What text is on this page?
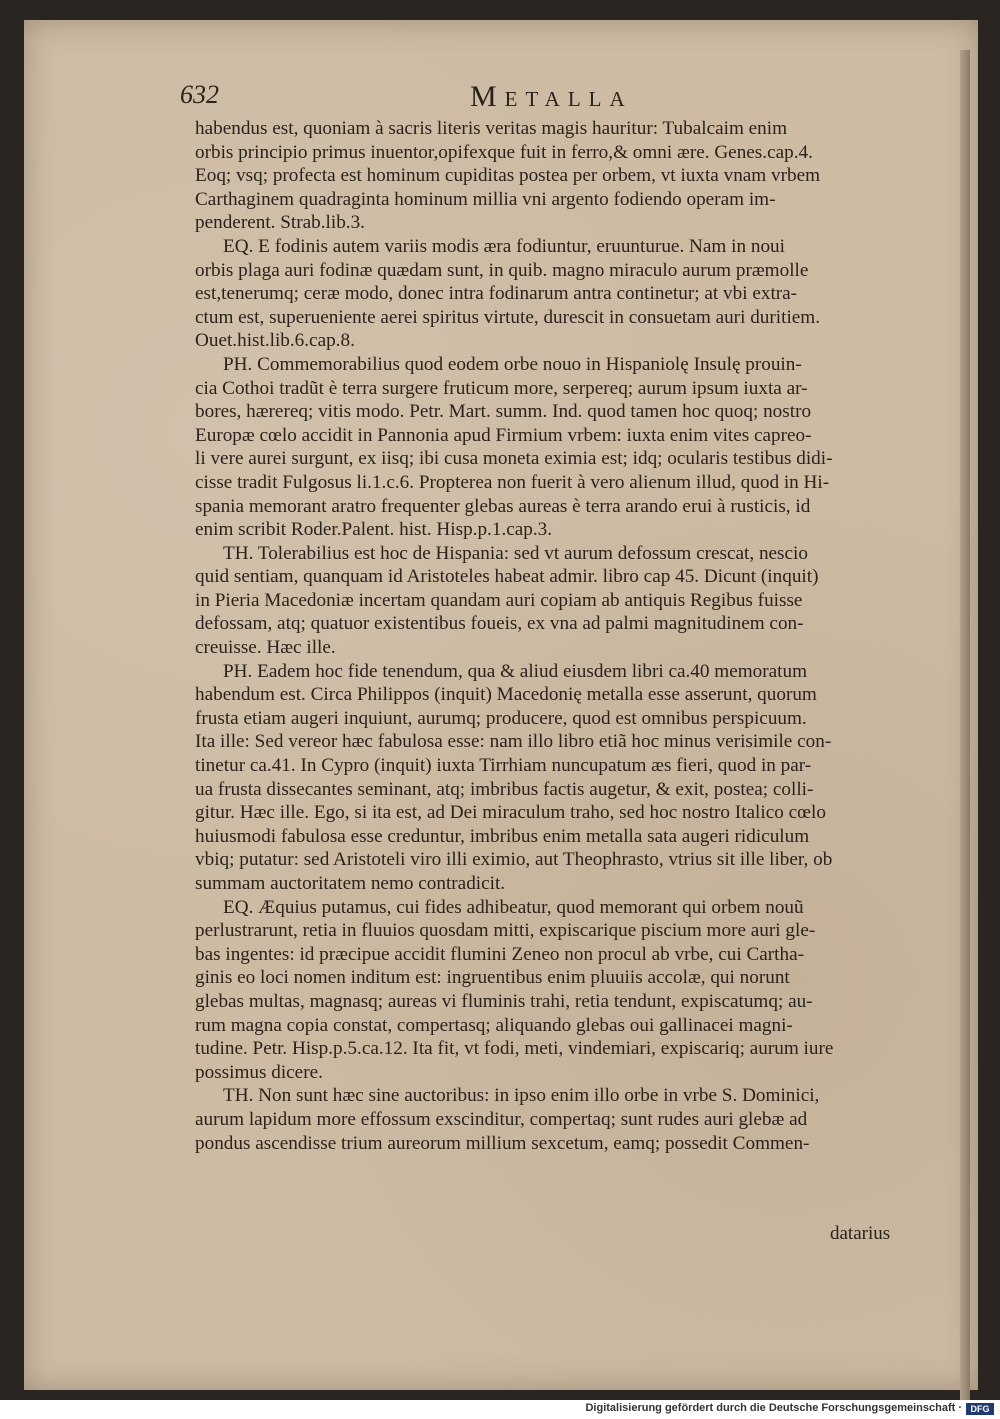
632	Metalla
habendus est, quoniam à sacris literis veritas magis hauritur: Tubalcaim enim
orbis principio primus inuentor,opifexque fuit in ferro,& omni ære. Genes.cap.4.
Eoq; vsq; profecta est hominum cupiditas postea per orbem, vt iuxta vnam vrbem
Carthaginem quadraginta hominum millia vni argento fodiendo operam im-
penderent. Strab.lib.3.
EQ. E fodinis autem variis modis æra fodiuntur, eruunturue. Nam in noui
orbis plaga auri fodinæ quædam sunt, in quib. magno miraculo aurum præmolle
est,tenerumq; ceræ modo, donec intra fodinarum antra continetur; at vbi extra-
ctum est, superueniente aerei spiritus virtute, durescit in consuetam auri duritiem.
Ouet.hist.lib.6.cap.8.
PH. Commemorabilius quod eodem orbe nouo in Hispaniolę Insulę prouin-
cia Cothoi tradũt è terra surgere fruticum more, serpereq; aurum ipsum iuxta ar-
bores, hærereq; vitis modo. Petr. Mart. summ. Ind. quod tamen hoc quoq; nostro
Europæ cœlo accidit in Pannonia apud Firmium vrbem: iuxta enim vites capreo-
li vere aurei surgunt, ex iisq; ibi cusa moneta eximia est; idq; ocularis testibus didi-
cisse tradit Fulgosus li.1.c.6. Propterea non fuerit à vero alienum illud, quod in Hi-
spania memorant aratro frequenter glebas aureas è terra arando erui à rusticis, id
enim scribit Roder.Palent. hist. Hisp.p.1.cap.3.
TH. Tolerabilius est hoc de Hispania: sed vt aurum defossum crescat, nescio
quid sentiam, quanquam id Aristoteles habeat admir. libro cap 45. Dicunt (inquit)
in Pieria Macedoniæ incertam quandam auri copiam ab antiquis Regibus fuisse
defossam, atq; quatuor existentibus foueis, ex vna ad palmi magnitudinem con-
creuisse. Hæc ille.
PH. Eadem hoc fide tenendum, qua & aliud eiusdem libri ca.40 memoratum
habendum est. Circa Philippos (inquit) Macedonię metalla esse asserunt, quorum
frusta etiam augeri inquiunt, aurumq; producere, quod est omnibus perspicuum.
Ita ille: Sed vereor hæc fabulosa esse: nam illo libro etiã hoc minus verisimile con-
tinetur ca.41. In Cypro (inquit) iuxta Tirrhiam nuncupatum æs fieri, quod in par-
ua frusta dissecantes seminant, atq; imbribus factis augetur, & exit, postea; colli-
gitur. Hæc ille. Ego, si ita est, ad Dei miraculum traho, sed hoc nostro Italico cœlo
huiusmodi fabulosa esse creduntur, imbribus enim metalla sata augeri ridiculum
vbiq; putatur: sed Aristoteli viro illi eximio, aut Theophrasto, vtrius sit ille liber, ob
summam auctoritatem nemo contradicit.
EQ. Æquius putamus, cui fides adhibeatur, quod memorant qui orbem nouũ
perlustrarunt, retia in fluuios quosdam mitti, expiscarique piscium more auri gle-
bas ingentes: id præcipue accidit flumini Zeneo non procul ab vrbe, cui Cartha-
ginis eo loci nomen inditum est: ingruentibus enim pluuiis accolæ, qui norunt
glebas multas, magnasq; aureas vi fluminis trahi, retia tendunt, expiscatumq; au-
rum magna copia constat, compertasq; aliquando glebas oui gallinacei magni-
tudine. Petr. Hisp.p.5.ca.12. Ita fit, vt fodi, meti, vindemiari, expiscariq; aurum iure
possimus dicere.
TH. Non sunt hæc sine auctoribus: in ipso enim illo orbe in vrbe S. Dominici,
aurum lapidum more effossum exscinditur, compertaq; sunt rudes auri glebæ ad
pondus ascendisse trium aureorum millium sexcetum, eamq; possedit Commen-
datarius
Digitalisierung gefördert durch die Deutsche Forschungsgemeinschaft · DFG
